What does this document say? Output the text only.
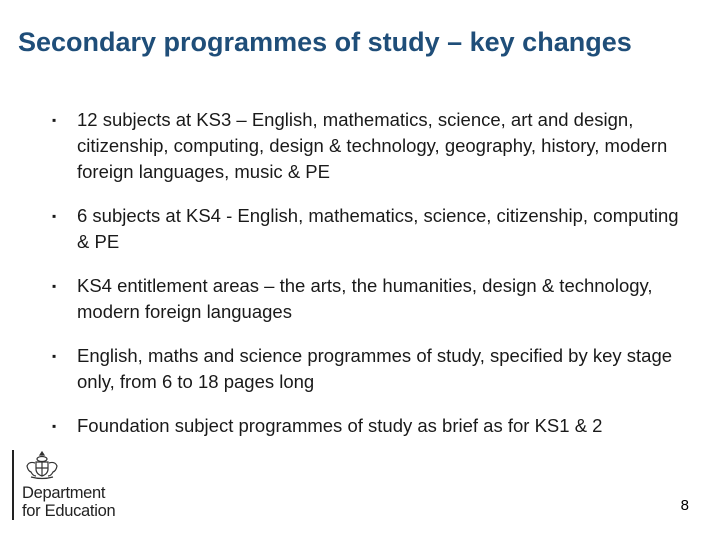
Secondary programmes of study – key changes
▪ 12 subjects at KS3 – English, mathematics, science, art and design, citizenship, computing, design & technology, geography, history, modern foreign languages, music & PE
▪ 6 subjects at KS4 - English, mathematics, science, citizenship, computing & PE
▪ KS4 entitlement areas – the arts, the humanities, design & technology, modern foreign languages
▪ English, maths and science programmes of study, specified by key stage only, from 6 to 18 pages long
▪ Foundation subject programmes of study as brief as for KS1 & 2
Department
for Education	8
